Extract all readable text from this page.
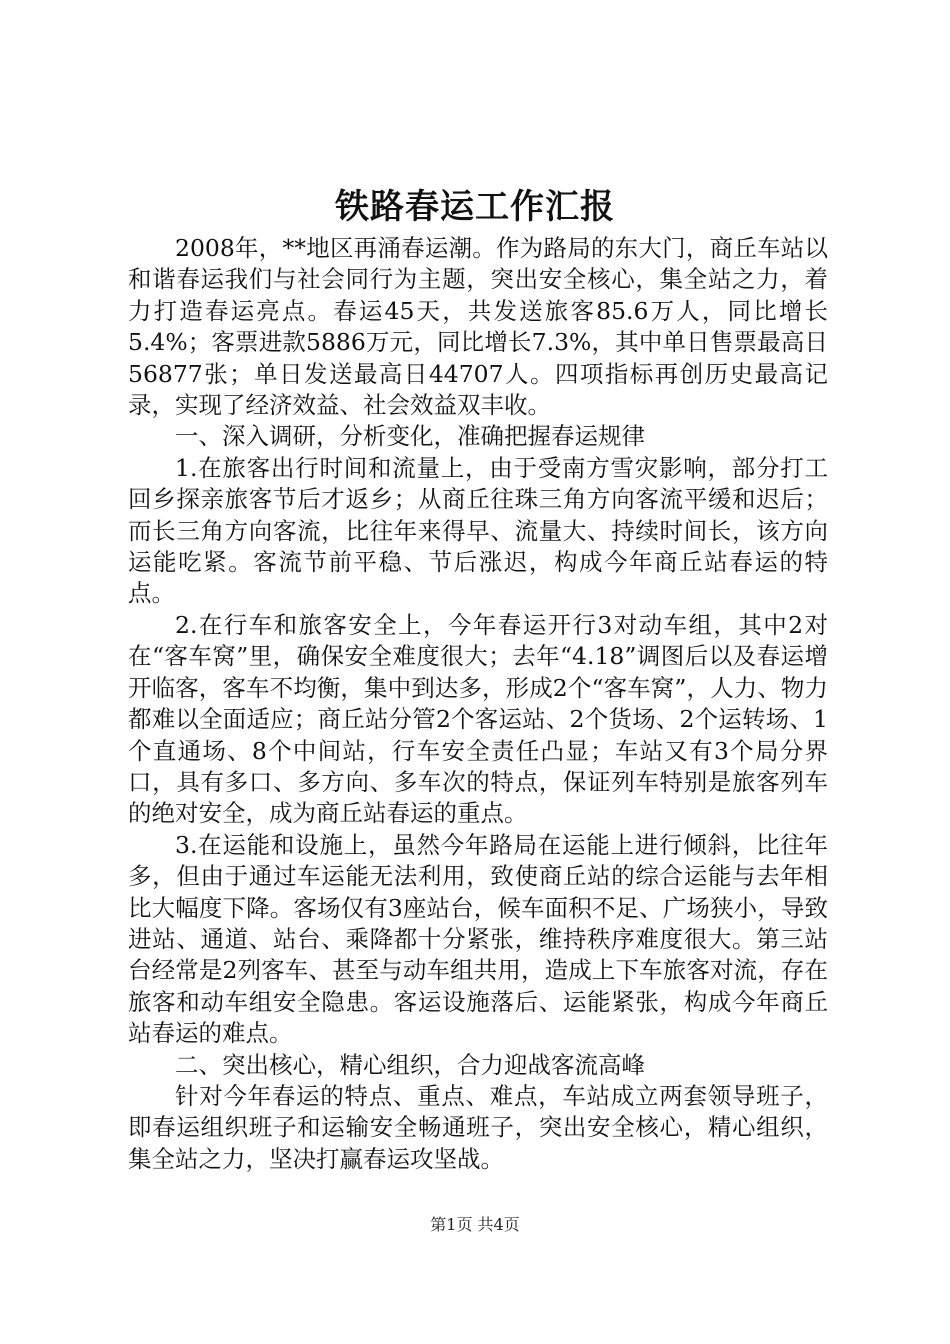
铁路春运工作汇报

2008年，**地区再涌春运潮。作为路局的东大门，商丘车站以和谐春运我们与社会同行为主题，突出安全核心，集全站之力，着力打造春运亮点。春运45天，共发送旅客85.6万人，同比增长5.4%；客票进款5886万元，同比增长7.3%，其中单日售票最高日56877张；单日发送最高日44707人。四项指标再创历史最高记录，实现了经济效益、社会效益双丰收。

一、深入调研，分析变化，准确把握春运规律

1.在旅客出行时间和流量上，由于受南方雪灾影响，部分打工回乡探亲旅客节后才返乡；从商丘往珠三角方向客流平缓和迟后；而长三角方向客流，比往年来得早、流量大、持续时间长，该方向运能吃紧。客流节前平稳、节后涨迟，构成今年商丘站春运的特点。

2.在行车和旅客安全上，今年春运开行3对动车组，其中2对在“客车窝”里，确保安全难度很大；去年“4.18”调图后以及春运增开临客，客车不均衡，集中到达多，形成2个“客车窝”，人力、物力都难以全面适应；商丘站分管2个客运站、2个货场、2个运转场、1个直通场、8个中间站，行车安全责任凸显；车站又有3个局分界口，具有多口、多方向、多车次的特点，保证列车特别是旅客列车的绝对安全，成为商丘站春运的重点。

3.在运能和设施上，虽然今年路局在运能上进行倾斜，比往年多，但由于通过车运能无法利用，致使商丘站的综合运能与去年相比大幅度下降。客场仅有3座站台，候车面积不足、广场狭小，导致进站、通道、站台、乘降都十分紧张，维持秩序难度很大。第三站台经常是2列客车、甚至与动车组共用，造成上下车旅客对流，存在旅客和动车组安全隐患。客运设施落后、运能紧张，构成今年商丘站春运的难点。

二、突出核心，精心组织，合力迎战客流高峰

针对今年春运的特点、重点、难点，车站成立两套领导班子，即春运组织班子和运输安全畅通班子，突出安全核心，精心组织，集全站之力，坚决打赢春运攻坚战。

第1页 共4页
